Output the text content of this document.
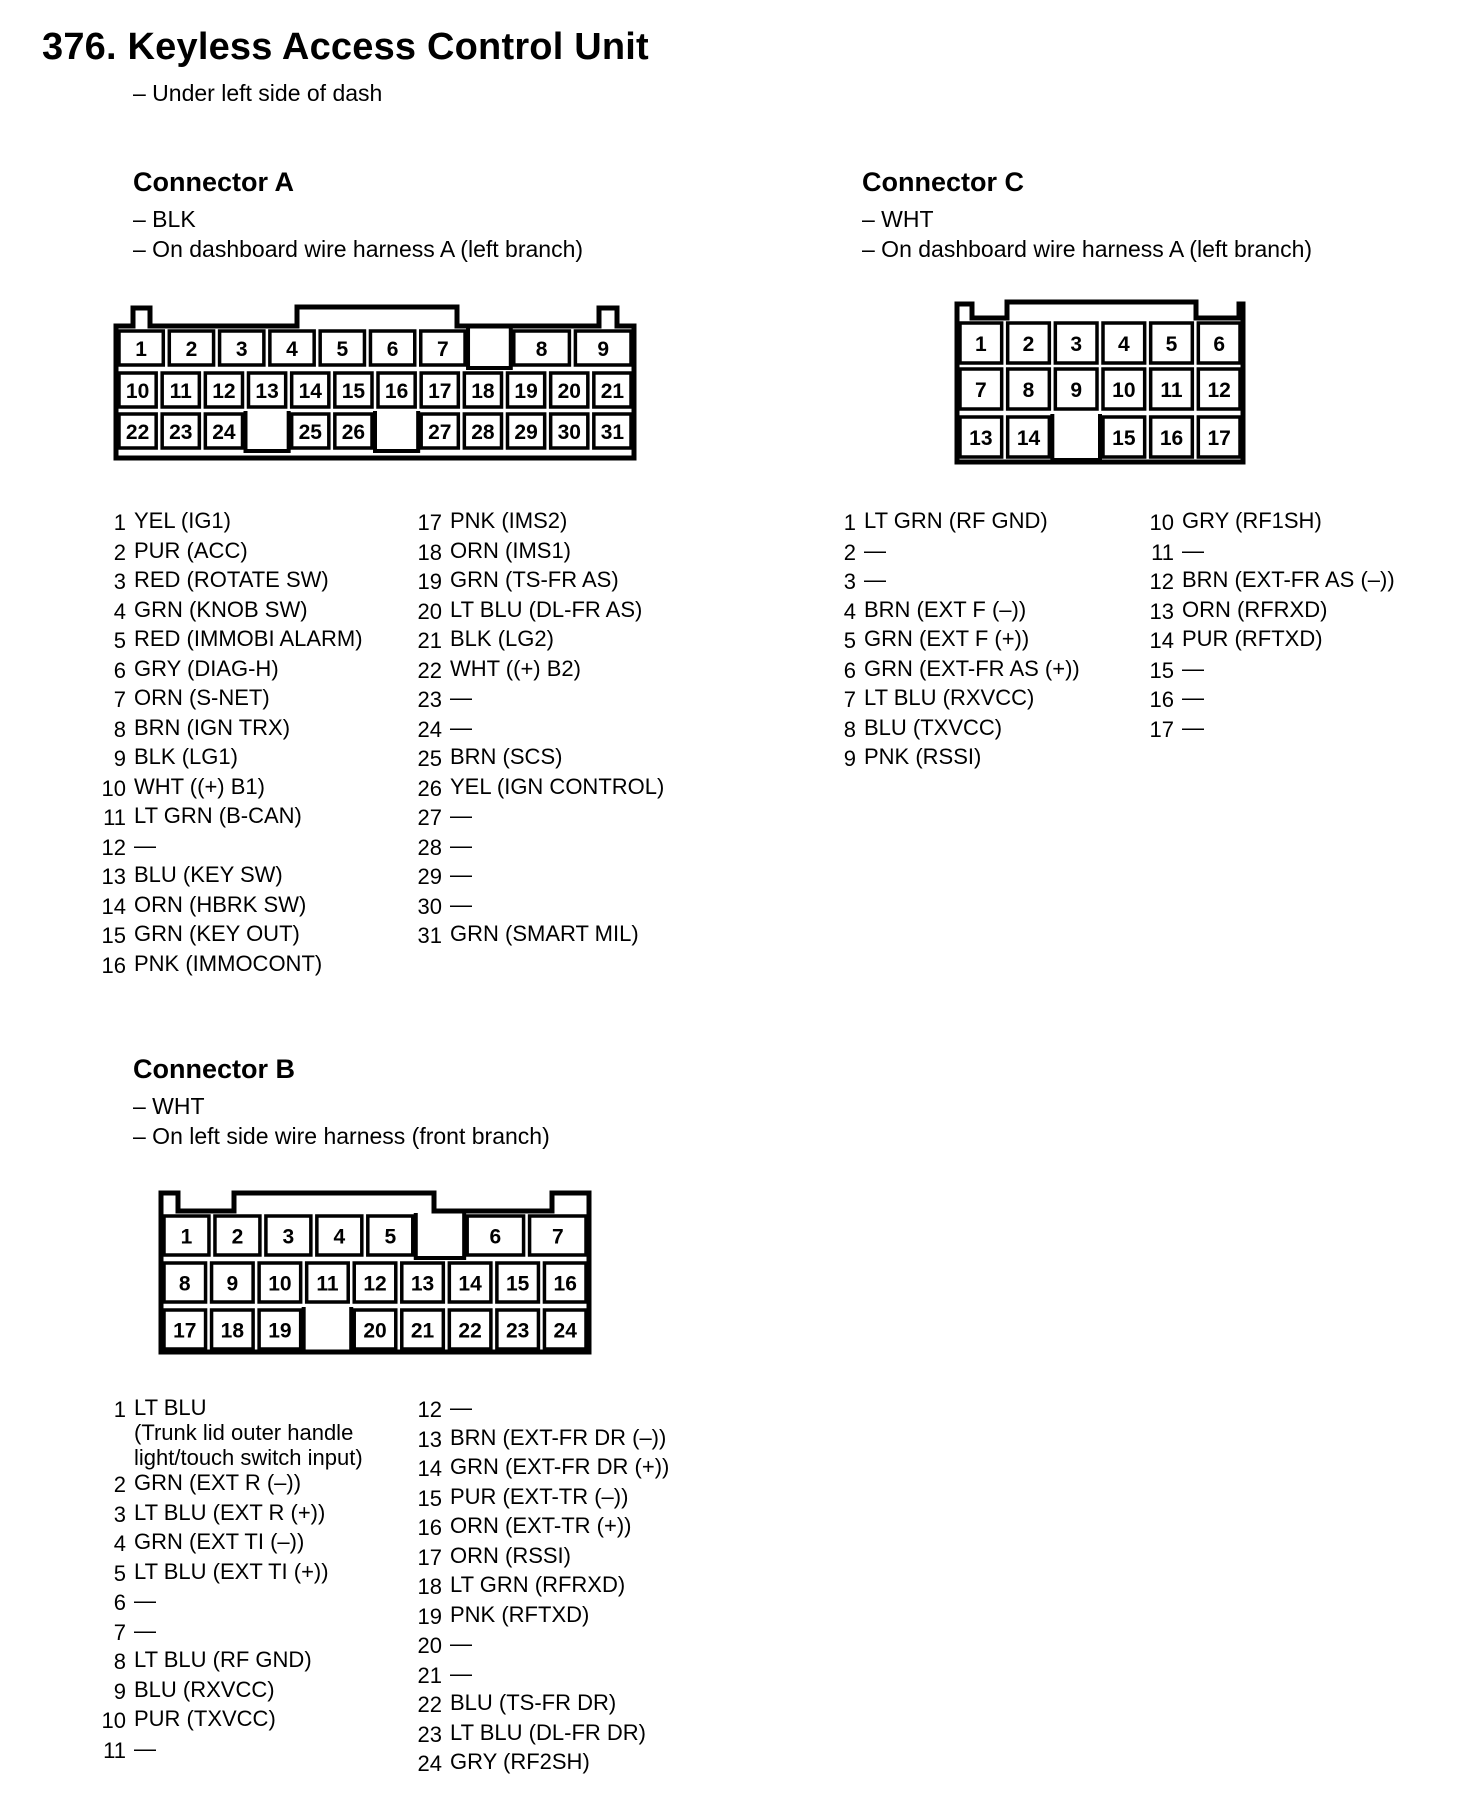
376. Keyless Access Control Unit
– Under left side of dash
Connector A
– BLK
– On dashboard wire harness A (left branch)
Connector C
– WHT
– On dashboard wire harness A (left branch)
Connector B
– WHT
– On left side wire harness (front branch)
1 2 3 4 5 6 7	8 9
10 11 12 13 14 15 16 17 18 19 20 21
22 23 24	25 26	27 28 29 30 31
1 2 3 4 5 6
7 8 9 10 11 12
13 14	15 16 17
1 2 3 4 5	6 7
8 9 10 11 12 13 14 15 16
17 18 19	20 21 22 23 24
1 YEL (IG1)
2 PUR (ACC)
3 RED (ROTATE SW)
4 GRN (KNOB SW)
5 RED (IMMOBI ALARM)
6 GRY (DIAG-H)
7 ORN (S-NET)
8 BRN (IGN TRX)
9 BLK (LG1)
10 WHT ((+) B1)
11 LT GRN (B-CAN)
12 —
13 BLU (KEY SW)
14 ORN (HBRK SW)
15 GRN (KEY OUT)
16 PNK (IMMOCONT)
17 PNK (IMS2)
18 ORN (IMS1)
19 GRN (TS-FR AS)
20 LT BLU (DL-FR AS)
21 BLK (LG2)
22 WHT ((+) B2)
23 —
24 —
25 BRN (SCS)
26 YEL (IGN CONTROL)
27 —
28 —
29 —
30 —
31 GRN (SMART MIL)
1 LT GRN (RF GND)
2 —
3 —
4 BRN (EXT F (–))
5 GRN (EXT F (+))
6 GRN (EXT-FR AS (+))
7 LT BLU (RXVCC)
8 BLU (TXVCC)
9 PNK (RSSI)
10 GRY (RF1SH)
11 —
12 BRN (EXT-FR AS (–))
13 ORN (RFRXD)
14 PUR (RFTXD)
15 —
16 —
17 —
1 LT BLU
(Trunk lid outer handle
light/touch switch input)
2 GRN (EXT R (–))
3 LT BLU (EXT R (+))
4 GRN (EXT TI (–))
5 LT BLU (EXT TI (+))
6 —
7 —
8 LT BLU (RF GND)
9 BLU (RXVCC)
10 PUR (TXVCC)
11 —
12 —
13 BRN (EXT-FR DR (–))
14 GRN (EXT-FR DR (+))
15 PUR (EXT-TR (–))
16 ORN (EXT-TR (+))
17 ORN (RSSI)
18 LT GRN (RFRXD)
19 PNK (RFTXD)
20 —
21 —
22 BLU (TS-FR DR)
23 LT BLU (DL-FR DR)
24 GRY (RF2SH)
